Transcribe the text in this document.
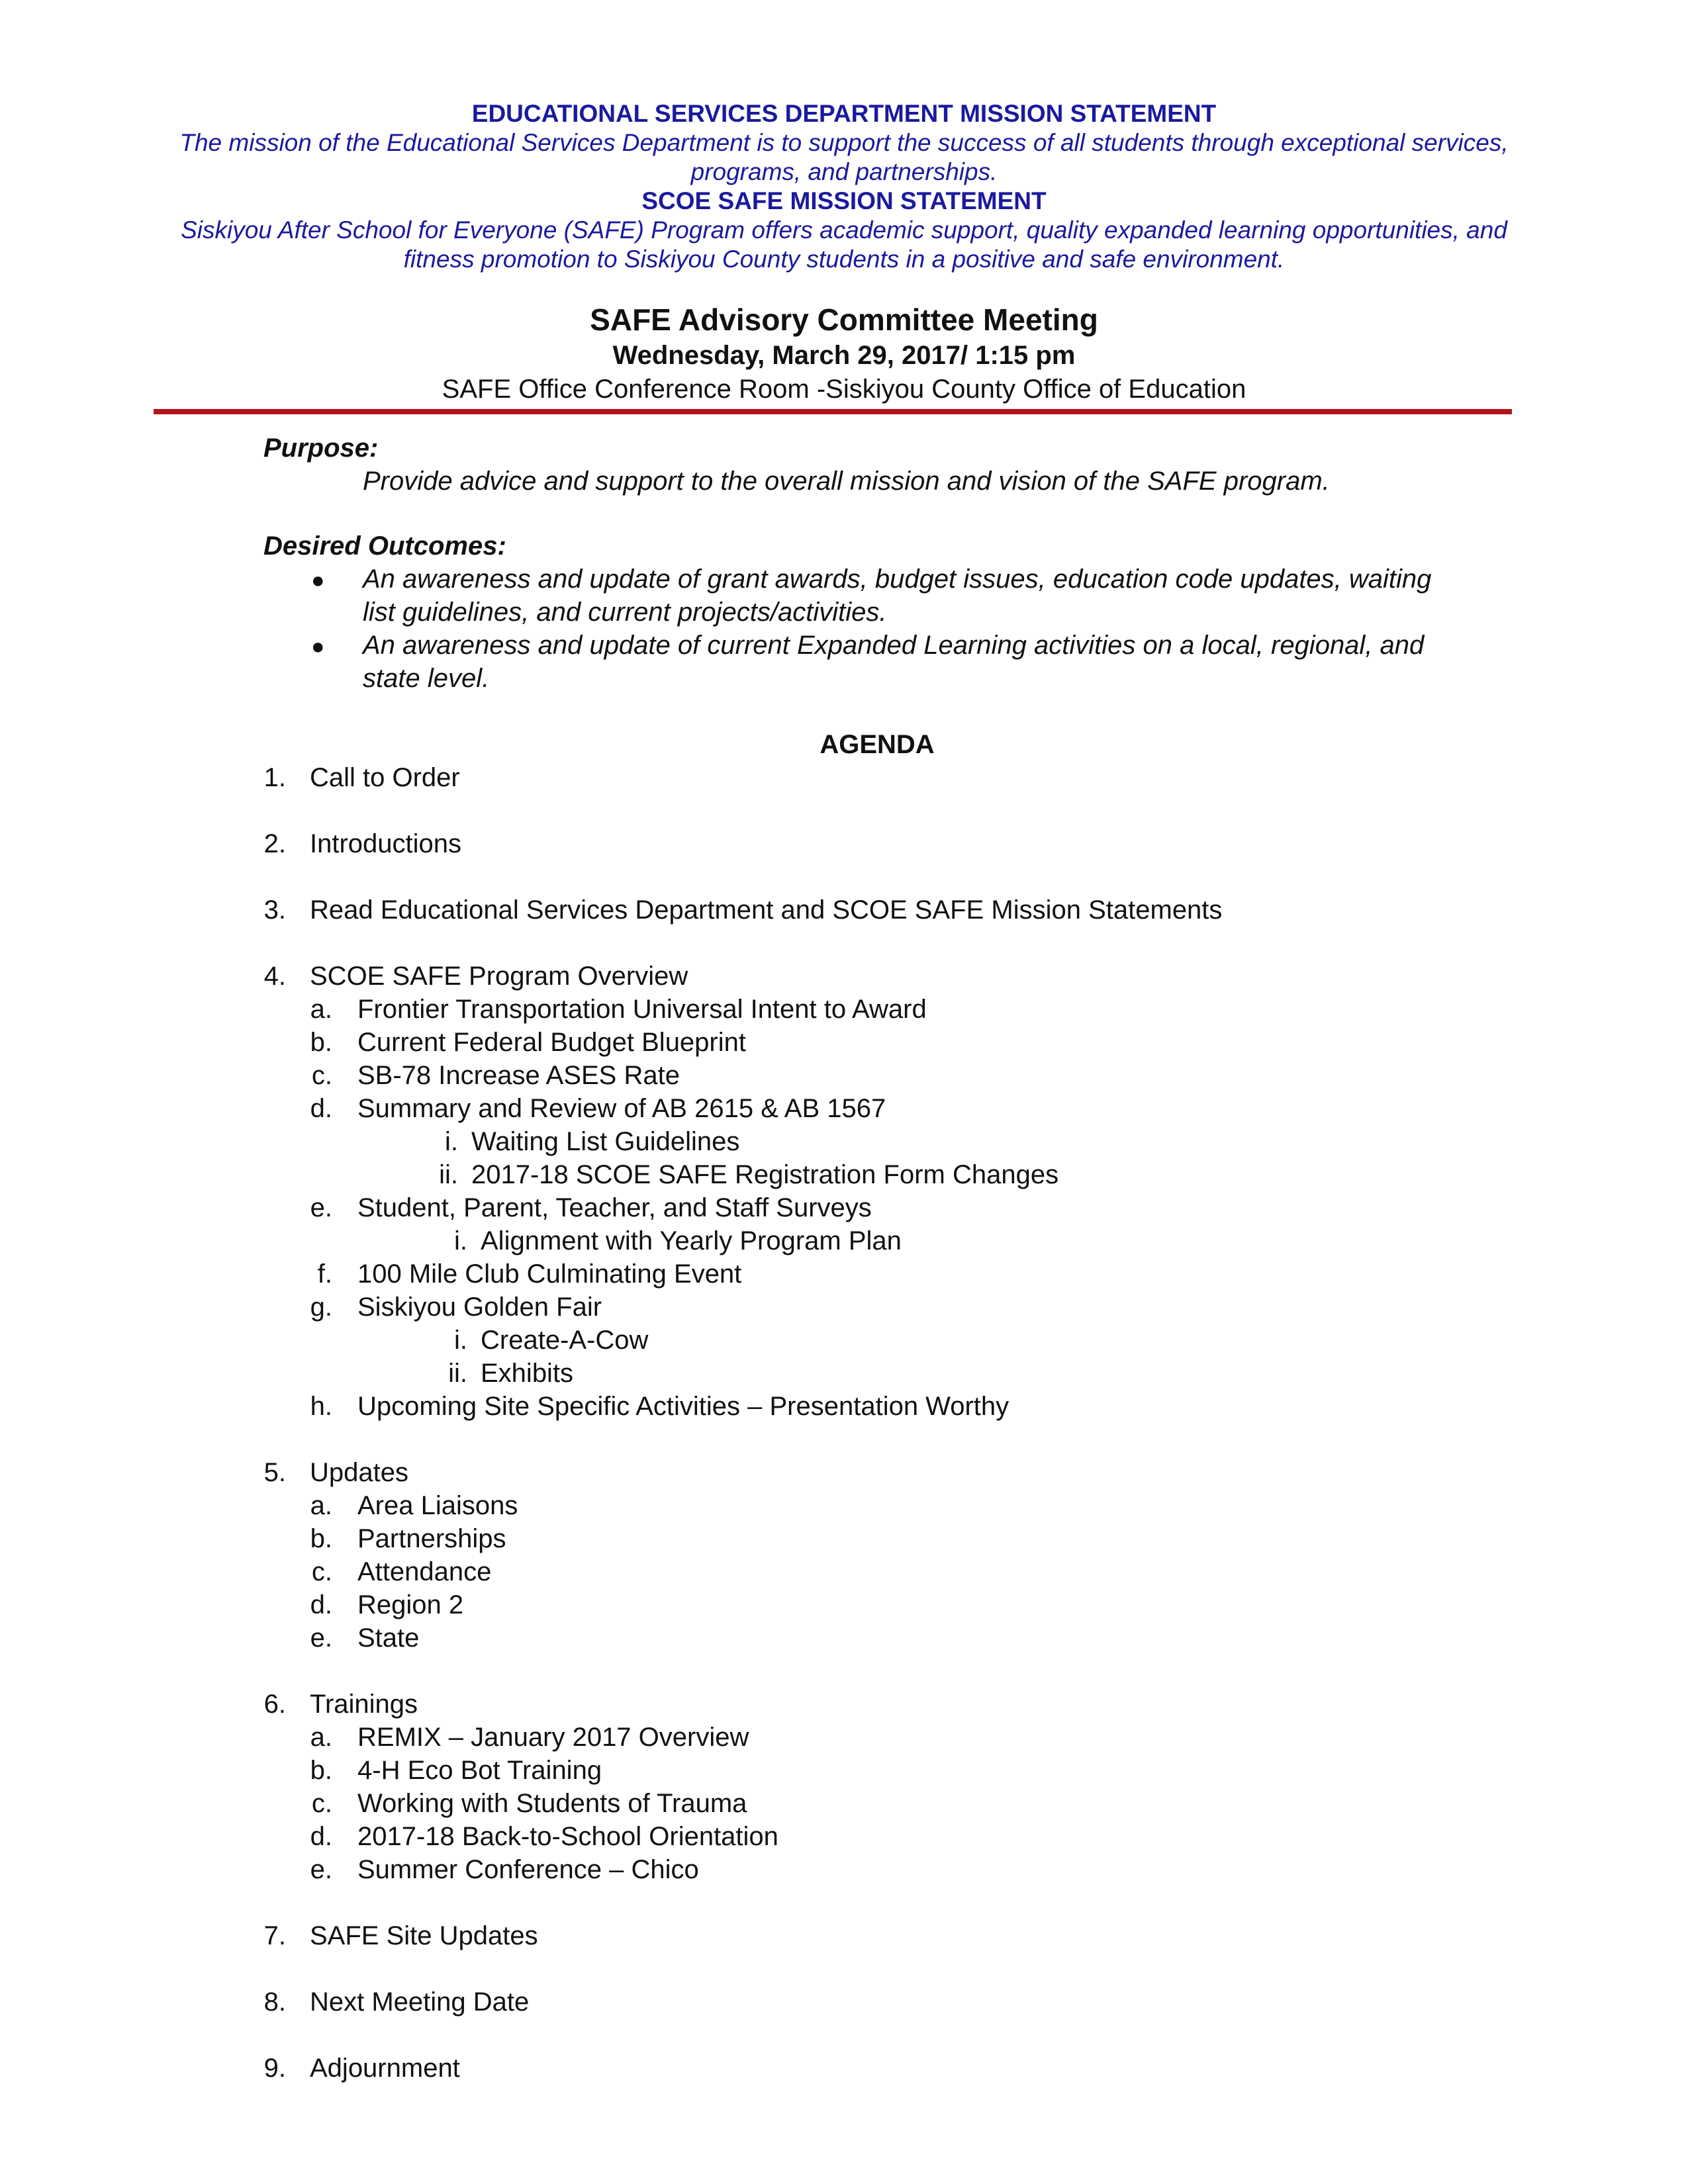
EDUCATIONAL SERVICES DEPARTMENT MISSION STATEMENT

The mission of the Educational Services Department is to support the success of all students through exceptional services,

programs, and partnerships.

SCOE SAFE MISSION STATEMENT

Siskiyou After School for Everyone (SAFE) Program offers academic support, quality expanded learning opportunities, and

fitness promotion to Siskiyou County students in a positive and safe environment.

SAFE Advisory Committee Meeting
Wednesday, March 29, 2017/ 1:15 pm
SAFE Office Conference Room -Siskiyou County Office of Education
Purpose:
Provide advice and support to the overall mission and vision of the SAFE program.
Desired Outcomes:
● An awareness and update of grant awards, budget issues, education code updates, waiting
list guidelines, and current projects/activities.
● An awareness and update of current Expanded Learning activities on a local, regional, and
state level.
AGENDA
1. Call to Order
2. Introductions
3. Read Educational Services Department and SCOE SAFE Mission Statements
4. SCOE SAFE Program Overview
a. Frontier Transportation Universal Intent to Award
b. Current Federal Budget Blueprint
c. SB-78 Increase ASES Rate
d. Summary and Review of AB 2615 & AB 1567
i. Waiting List Guidelines
ii. 2017-18 SCOE SAFE Registration Form Changes
e. Student, Parent, Teacher, and Staff Surveys
i. Alignment with Yearly Program Plan
f. 100 Mile Club Culminating Event
g. Siskiyou Golden Fair
i. Create-A-Cow
ii. Exhibits
h. Upcoming Site Specific Activities – Presentation Worthy
5. Updates
a. Area Liaisons
b. Partnerships
c. Attendance
d. Region 2
e. State
6. Trainings
a. REMIX – January 2017 Overview
b. 4-H Eco Bot Training
c. Working with Students of Trauma
d. 2017-18 Back-to-School Orientation
e. Summer Conference – Chico
7. SAFE Site Updates
8. Next Meeting Date
9. Adjournment
